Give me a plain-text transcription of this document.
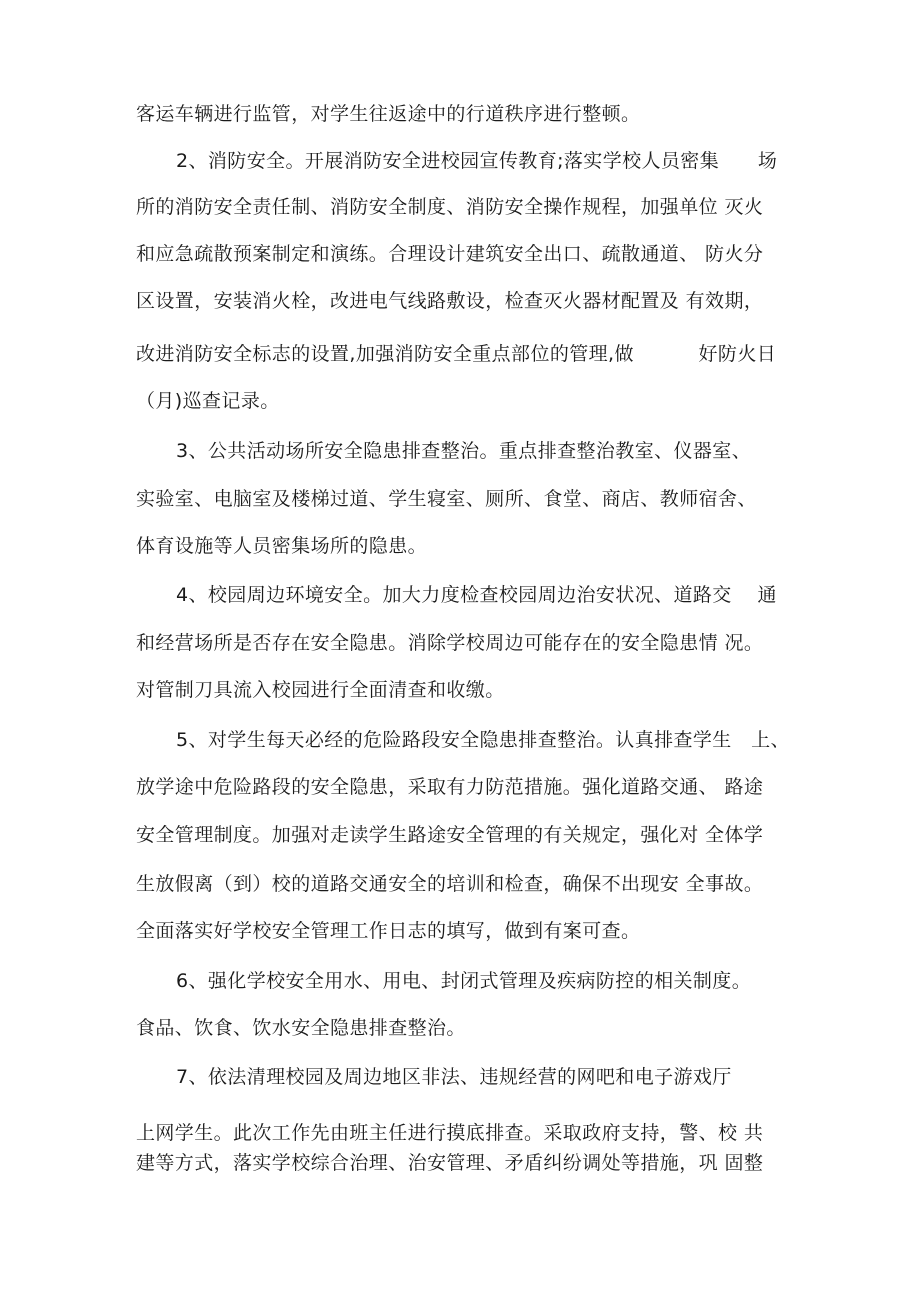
客运车辆进行监管，对学生往返途中的行道秩序进行整顿。
2、消防安全。开展消防安全进校园宣传教育;落实学校人员密集　　场
所的消防安全责任制、消防安全制度、消防安全操作规程，加强单位 灭火
和应急疏散预案制定和演练。合理设计建筑安全出口、疏散通道、 防火分
区设置，安装消火栓，改进电气线路敷设，检查灭火器材配置及 有效期，
改进消防安全标志的设置,加强消防安全重点部位的管理,做　　　 好防火日
（月)巡查记录。
3、公共活动场所安全隐患排查整治。重点排查整治教室、仪器室、
实验室、电脑室及楼梯过道、学生寝室、厕所、食堂、商店、教师宿舍、
体育设施等人员密集场所的隐患。
4、校园周边环境安全。加大力度检查校园周边治安状况、道路交　 通
和经营场所是否存在安全隐患。消除学校周边可能存在的安全隐患情 况。
对管制刀具流入校园进行全面清查和收缴。
5、对学生每天必经的危险路段安全隐患排查整治。认真排查学生　上、
放学途中危险路段的安全隐患，采取有力防范措施。强化道路交通、 路途
安全管理制度。加强对走读学生路途安全管理的有关规定，强化对 全体学
生放假离（到）校的道路交通安全的培训和检查，确保不出现安 全事故。
全面落实好学校安全管理工作日志的填写，做到有案可查。
6、强化学校安全用水、用电、封闭式管理及疾病防控的相关制度。
食品、饮食、饮水安全隐患排查整治。
7、依法清理校园及周边地区非法、违规经营的网吧和电子游戏厅
上网学生。此次工作先由班主任进行摸底排查。采取政府支持，警、校 共
建等方式，落实学校综合治理、治安管理、矛盾纠纷调处等措施，巩 固整
